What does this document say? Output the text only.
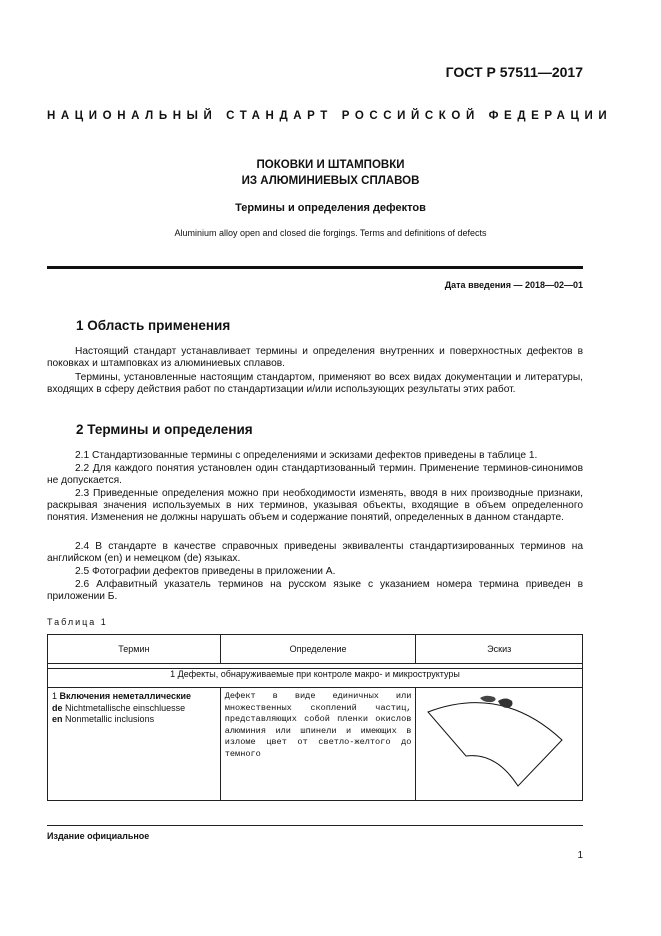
ГОСТ Р 57511—2017
НАЦИОНАЛЬНЫЙ СТАНДАРТ РОССИЙСКОЙ ФЕДЕРАЦИИ
ПОКОВКИ И ШТАМПОВКИ
ИЗ АЛЮМИНИЕВЫХ СПЛАВОВ
Термины и определения дефектов
Aluminium alloy open and closed die forgings. Terms and definitions of defects
Дата введения — 2018—02—01
1 Область применения
Настоящий стандарт устанавливает термины и определения внутренних и поверхностных дефектов в поковках и штамповках из алюминиевых сплавов.
Термины, установленные настоящим стандартом, применяют во всех видах документации и литературы, входящих в сферу действия работ по стандартизации и/или использующих результаты этих работ.
2 Термины и определения
2.1 Стандартизованные термины с определениями и эскизами дефектов приведены в таблице 1.
2.2 Для каждого понятия установлен один стандартизованный термин. Применение терминов-синонимов не допускается.
2.3 Приведенные определения можно при необходимости изменять, вводя в них производные признаки, раскрывая значения используемых в них терминов, указывая объекты, входящие в объем определенного понятия. Изменения не должны нарушать объем и содержание понятий, определенных в данном стандарте.
2.4 В стандарте в качестве справочных приведены эквиваленты стандартизированных терминов на английском (en) и немецком (de) языках.
2.5 Фотографии дефектов приведены в приложении А.
2.6 Алфавитный указатель терминов на русском языке с указанием номера термина приведен в приложении Б.
Таблица 1
Термин	Определение	Эскиз

1 Дефекты, обнаруживаемые при контроле макро- и микроструктуры		
1 Включения неметаллические
de Nichtmetallische einschluesse
en Nonmetallic inclusions	Дефект в виде единичных или множественных скоплений частиц, представляющих собой пленки окислов алюминия или шпинели и имеющих в изломе цвет от светло-желтого до темного	
Издание официальное
1
